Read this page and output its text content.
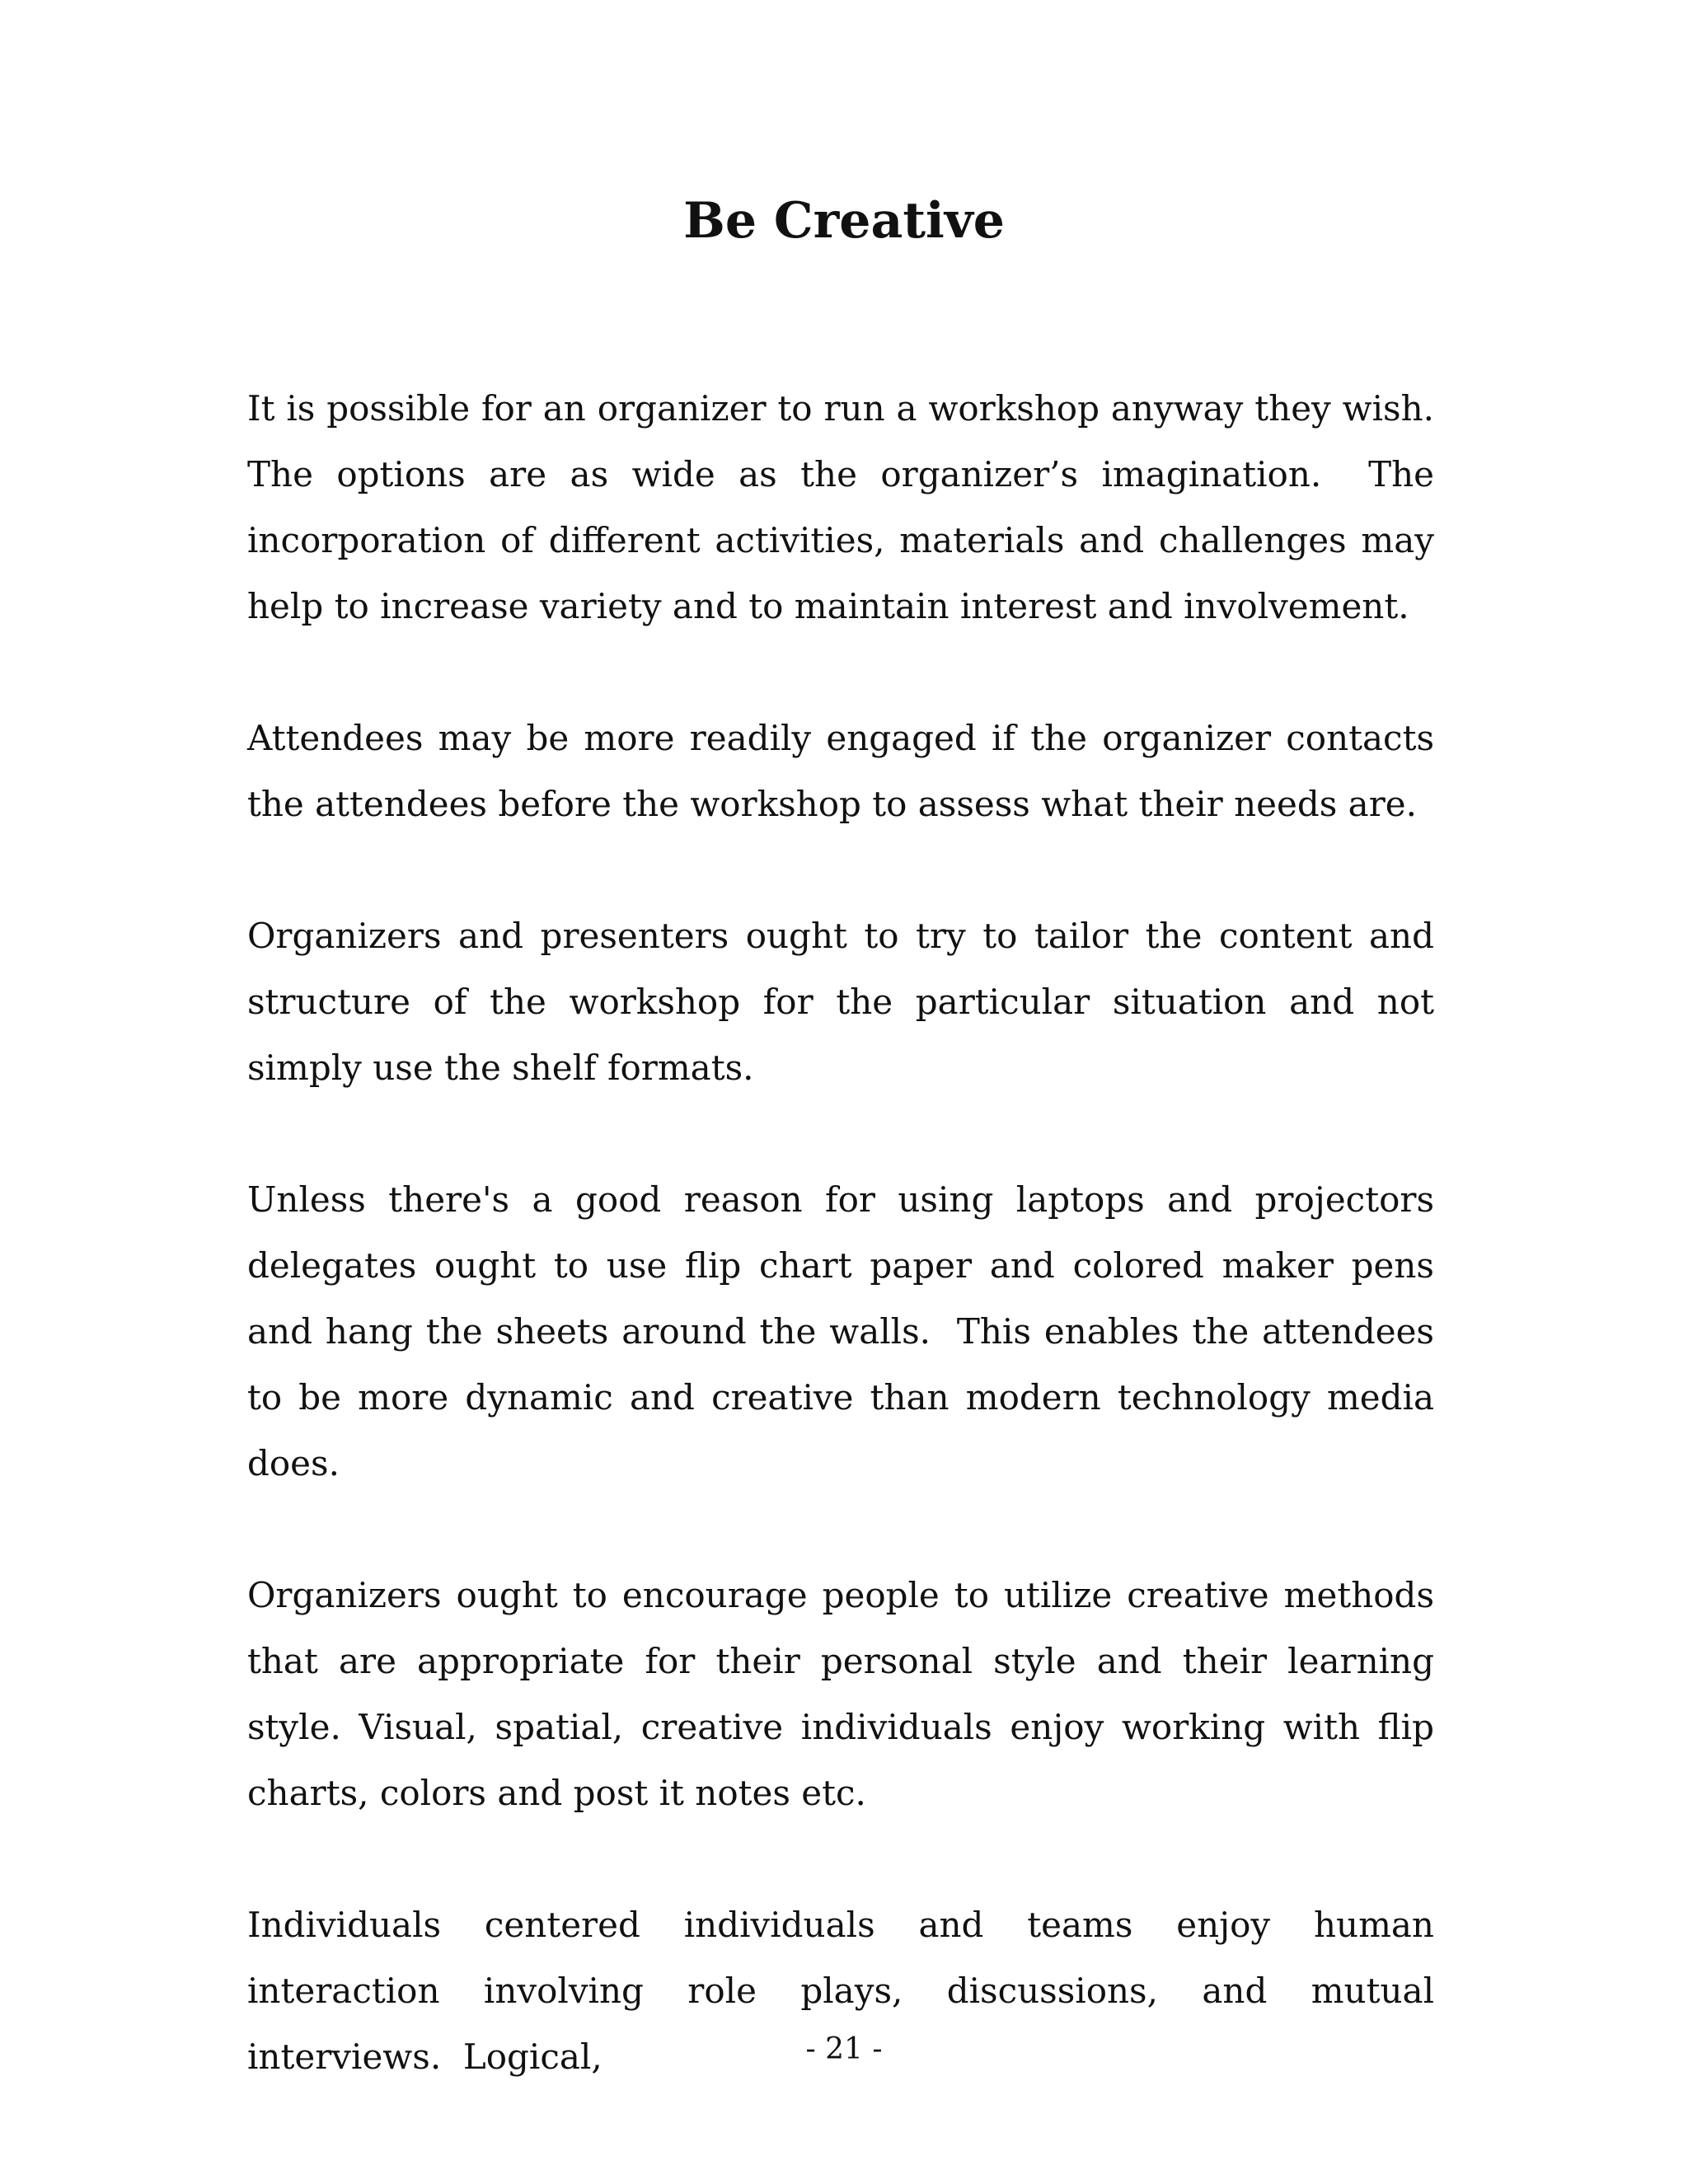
Be Creative

It is possible for an organizer to run a workshop anyway they wish. The options are as wide as the organizer’s imagination.  The incorporation of different activities, materials and challenges may help to increase variety and to maintain interest and involvement.

Attendees may be more readily engaged if the organizer contacts the attendees before the workshop to assess what their needs are.

Organizers and presenters ought to try to tailor the content and structure of the workshop for the particular situation and not simply use the shelf formats.

Unless there's a good reason for using laptops and projectors delegates ought to use flip chart paper and colored maker pens and hang the sheets around the walls.  This enables the attendees to be more dynamic and creative than modern technology media does.

Organizers ought to encourage people to utilize creative methods that are appropriate for their personal style and their learning style. Visual, spatial, creative individuals enjoy working with flip charts, colors and post it notes etc.

Individuals centered individuals and teams enjoy human interaction involving role plays, discussions, and mutual interviews.  Logical,	- 21 -
